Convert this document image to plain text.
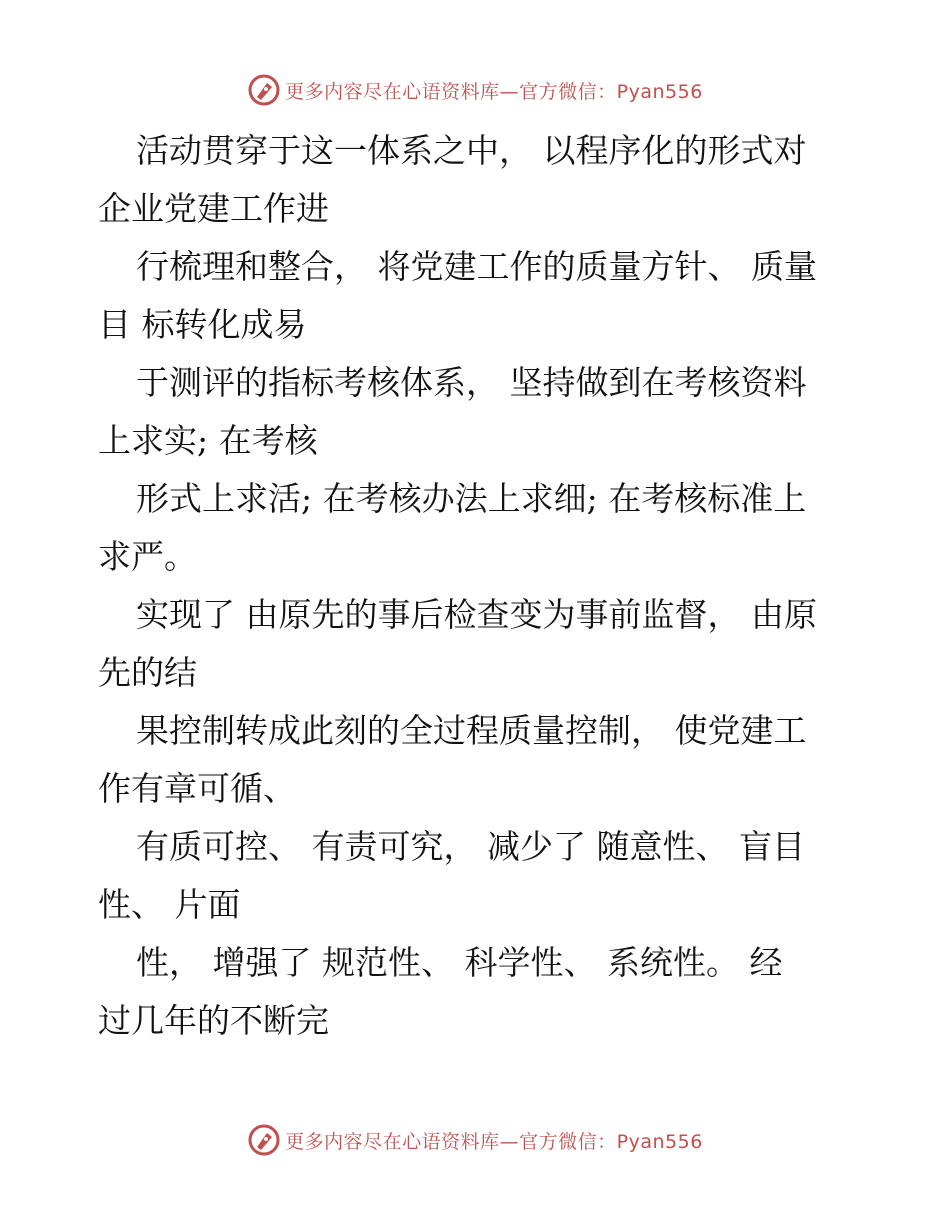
更多内容尽在心语资料库—官方微信：Pyan556

活动贯穿于这一体系之中， 以程序化的形式对
企业党建工作进

行梳理和整合， 将党建工作的质量方针、 质量
目 标转化成易

于测评的指标考核体系， 坚持做到在考核资料
上求实; 在考核

形式上求活; 在考核办法上求细; 在考核标准上
求严。

实现了 由原先的事后检查变为事前监督， 由原
先的结

果控制转成此刻的全过程质量控制， 使党建工
作有章可循、

有质可控、 有责可究， 减少了 随意性、 盲目
性、 片面

性， 增强了 规范性、 科学性、 系统性。 经
过几年的不断完

更多内容尽在心语资料库—官方微信：Pyan556
